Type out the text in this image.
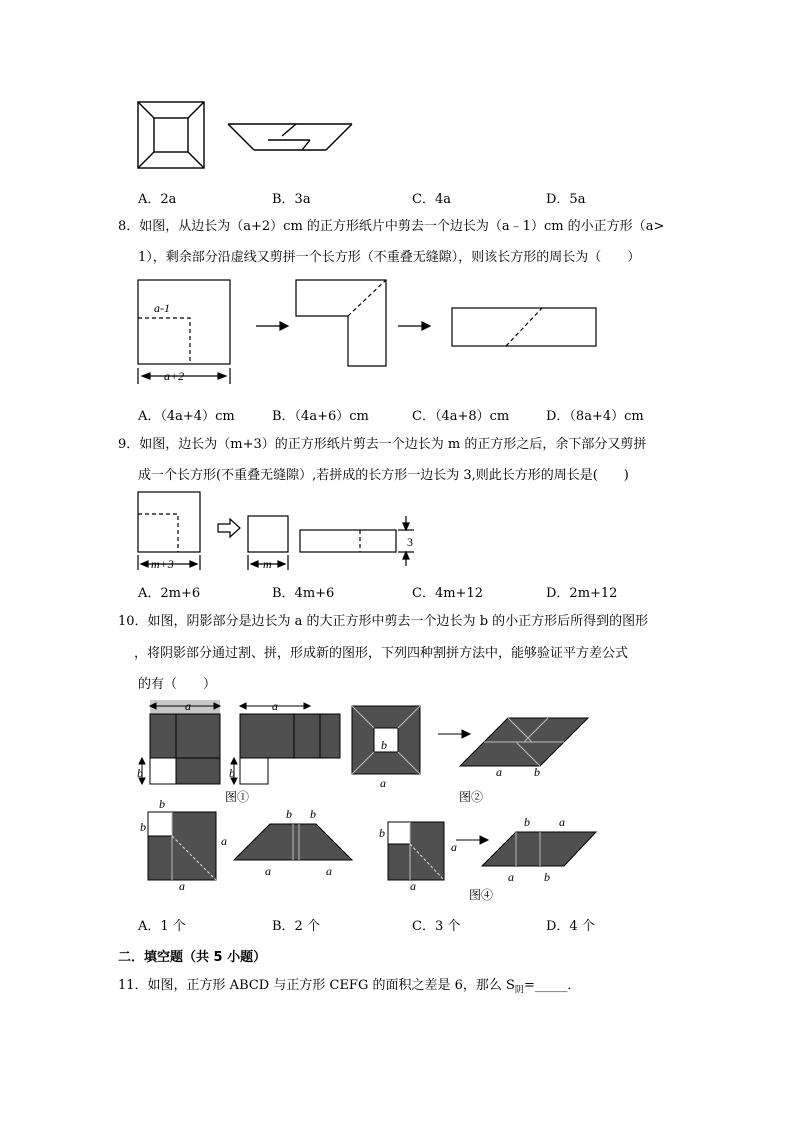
A．2a	B．3a	C．4a	D．5a
8．如图，从边长为（a+2）cm 的正方形纸片中剪去一个边长为（a﹣1）cm 的小正方形（a>
1），剩余部分沿虚线又剪拼一个长方形（不重叠无缝隙），则该长方形的周长为（　　）
a-1
a+2
A．（4a+4）cm	B．（4a+6）cm	C．（4a+8）cm	D．（8a+4）cm
9．如图，边长为（m+3）的正方形纸片剪去一个边长为 m 的正方形之后，余下部分又剪拼
成一个长方形(不重叠无缝隙）,若拼成的长方形一边长为 3,则此长方形的周长是(　　)
m+3	m
3
A．2m+6	B．4m+6	C．4m+12	D．2m+12
10．如图，阴影部分是边长为 a 的大正方形中剪去一个边长为 b 的小正方形后所得到的图形
，将阴影部分通过割、拼，形成新的图形，下列四种割拼方法中，能够验证平方差公式
的有（　　）
a	a
b	b
b
a
a	b
图①	图②
b
b
a
a
b b
a	a
b
a
a
b a
a	b
图④
A．1 个	B．2 个	C．3 个	D．4 个
二．填空题（共 5 小题）
11．如图，正方形 ABCD 与正方形 CEFG 的面积之差是 6，那么 $S_阴=\_\_\_\_\_$．
